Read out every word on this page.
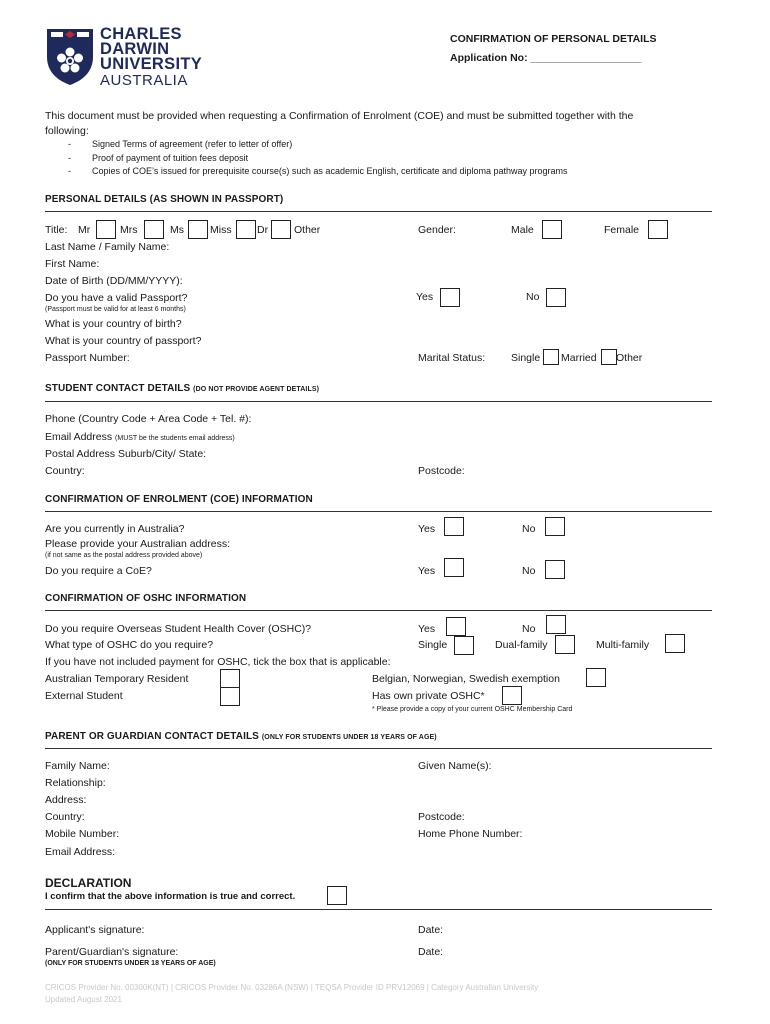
CHARLES
DARWIN
UNIVERSITY
AUSTRALIA
CONFIRMATION OF PERSONAL DETAILS
Application No: ___________________
This document must be provided when requesting a Confirmation of Enrolment (COE) and must be submitted together with the
following:
- Signed Terms of agreement (refer to letter of offer)
- Proof of payment of tuition fees deposit
- Copies of COE’s issued for prerequisite course(s) such as academic English, certificate and diploma pathway programs
PERSONAL DETAILS (AS SHOWN IN PASSPORT)
Title: Mr	Mrs	Ms Miss Dr Other	Gender:	Male	Female
Last Name / Family Name:
First Name:
Date of Birth (DD/MM/YYYY):
Do you have a valid Passport?
(Passport must be valid for at least 6 months)
Yes	No
What is your country of birth?
What is your country of passport?
Passport Number:	Marital Status: Single Married Other
STUDENT CONTACT DETAILS (DO NOT PROVIDE AGENT DETAILS)
Phone (Country Code + Area Code + Tel. #):
Email Address (MUST be the students email address)
Postal Address Suburb/City/ State:
Country:	Postcode:
CONFIRMATION OF ENROLMENT (COE) INFORMATION
Are you currently in Australia?	Yes	No
Please provide your Australian address:
(if not same as the postal address provided above)
Do you require a CoE?	Yes	No
CONFIRMATION OF OSHC INFORMATION
Do you require Overseas Student Health Cover (OSHC)?	Yes	No
What type of OSHC do you require?	Single	Dual-family	Multi-family
If you have not included payment for OSHC, tick the box that is applicable:
Australian Temporary Resident	Belgian, Norwegian, Swedish exemption
External Student	Has own private OSHC*
* Please provide a copy of your current OSHC Membership Card
PARENT OR GUARDIAN CONTACT DETAILS (ONLY FOR STUDENTS UNDER 18 YEARS OF AGE)
Family Name:	Given Name(s):
Relationship:
Address:
Country:	Postcode:
Mobile Number:	Home Phone Number:
Email Address:
DECLARATION
I confirm that the above information is true and correct.
Applicant's signature:	Date:
Parent/Guardian's signature:	Date:
(ONLY FOR STUDENTS UNDER 18 YEARS OF AGE)
CRICOS Provider No. 00300K(NT) | CRICOS Provider No. 03286A (NSW) | TEQSA Provider ID PRV12069 | Category Australian University
Updated August 2021
